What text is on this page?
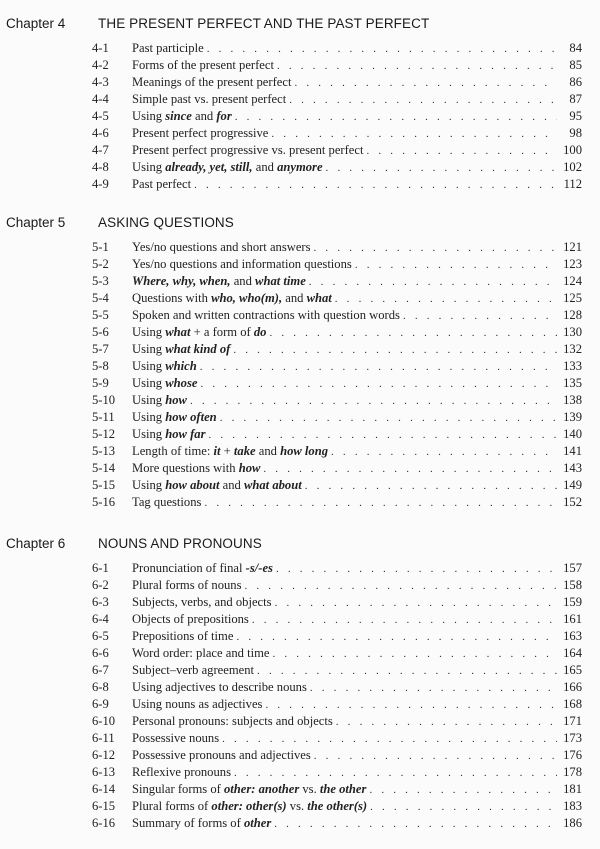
Chapter 4 THE PRESENT PERFECT AND THE PAST PERFECT
4-1 Past participle . . .	84
4-2 Forms of the present perfect . . .	85
4-3 Meanings of the present perfect . . .	86
4-4 Simple past vs. present perfect . . .	87
4-5 Using since and for . . .	95
4-6 Present perfect progressive . . .	98
4-7 Present perfect progressive vs. present perfect . . .	100
4-8 Using already, yet, still, and anymore . . .	102
4-9 Past perfect . . .	112
Chapter 5 ASKING QUESTIONS
5-1 Yes/no questions and short answers . . .	121
5-2 Yes/no questions and information questions . . .	123
5-3 Where, why, when, and what time . . .	124
5-4 Questions with who, who(m), and what . . .	125
5-5 Spoken and written contractions with question words . . .	128
5-6 Using what + a form of do . . .	130
5-7 Using what kind of . . .	132
5-8 Using which . . .	133
5-9 Using whose . . .	135
5-10 Using how . . .	138
5-11 Using how often . . .	139
5-12 Using how far . . .	140
5-13 Length of time: it + take and how long . . .	141
5-14 More questions with how . . .	143
5-15 Using how about and what about . . .	149
5-16 Tag questions . . .	152
Chapter 6 NOUNS AND PRONOUNS
6-1 Pronunciation of final -s/-es . . .	157
6-2 Plural forms of nouns . . .	158
6-3 Subjects, verbs, and objects . . .	159
6-4 Objects of prepositions . . .	161
6-5 Prepositions of time . . .	163
6-6 Word order: place and time . . .	164
6-7 Subject–verb agreement . . .	165
6-8 Using adjectives to describe nouns . . .	166
6-9 Using nouns as adjectives . . .	168
6-10 Personal pronouns: subjects and objects . . .	171
6-11 Possessive nouns . . .	173
6-12 Possessive pronouns and adjectives . . .	176
6-13 Reflexive pronouns . . .	178
6-14 Singular forms of other: another vs. the other . . .	181
6-15 Plural forms of other: other(s) vs. the other(s) . . .	183
6-16 Summary of forms of other . . .	186
